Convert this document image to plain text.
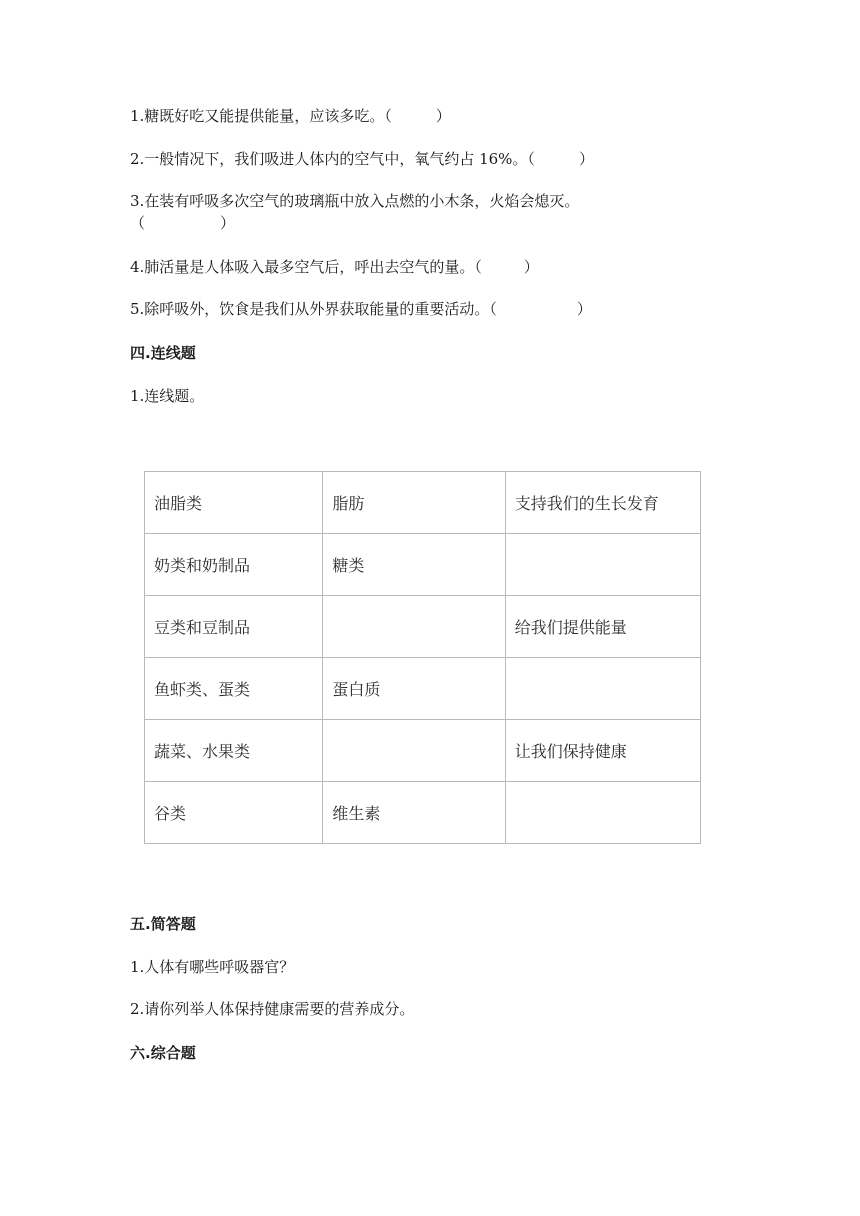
1.糖既好吃又能提供能量，应该多吃。（	）
2.一般情况下，我们吸进人体内的空气中，氧气约占 16%。（	）
3.在装有呼吸多次空气的玻璃瓶中放入点燃的小木条，火焰会熄灭。
（　　　　　）
4.肺活量是人体吸入最多空气后，呼出去空气的量。（	）
5.除呼吸外，饮食是我们从外界获取能量的重要活动。（	）
四.连线题
1.连线题。
油脂类	脂肪	支持我们的生长发育
奶类和奶制品	糖类	
豆类和豆制品		给我们提供能量
鱼虾类、蛋类	蛋白质	
蔬菜、水果类		让我们保持健康
谷类	维生素	
五.简答题
1.人体有哪些呼吸器官？
2.请你列举人体保持健康需要的营养成分。
六.综合题
